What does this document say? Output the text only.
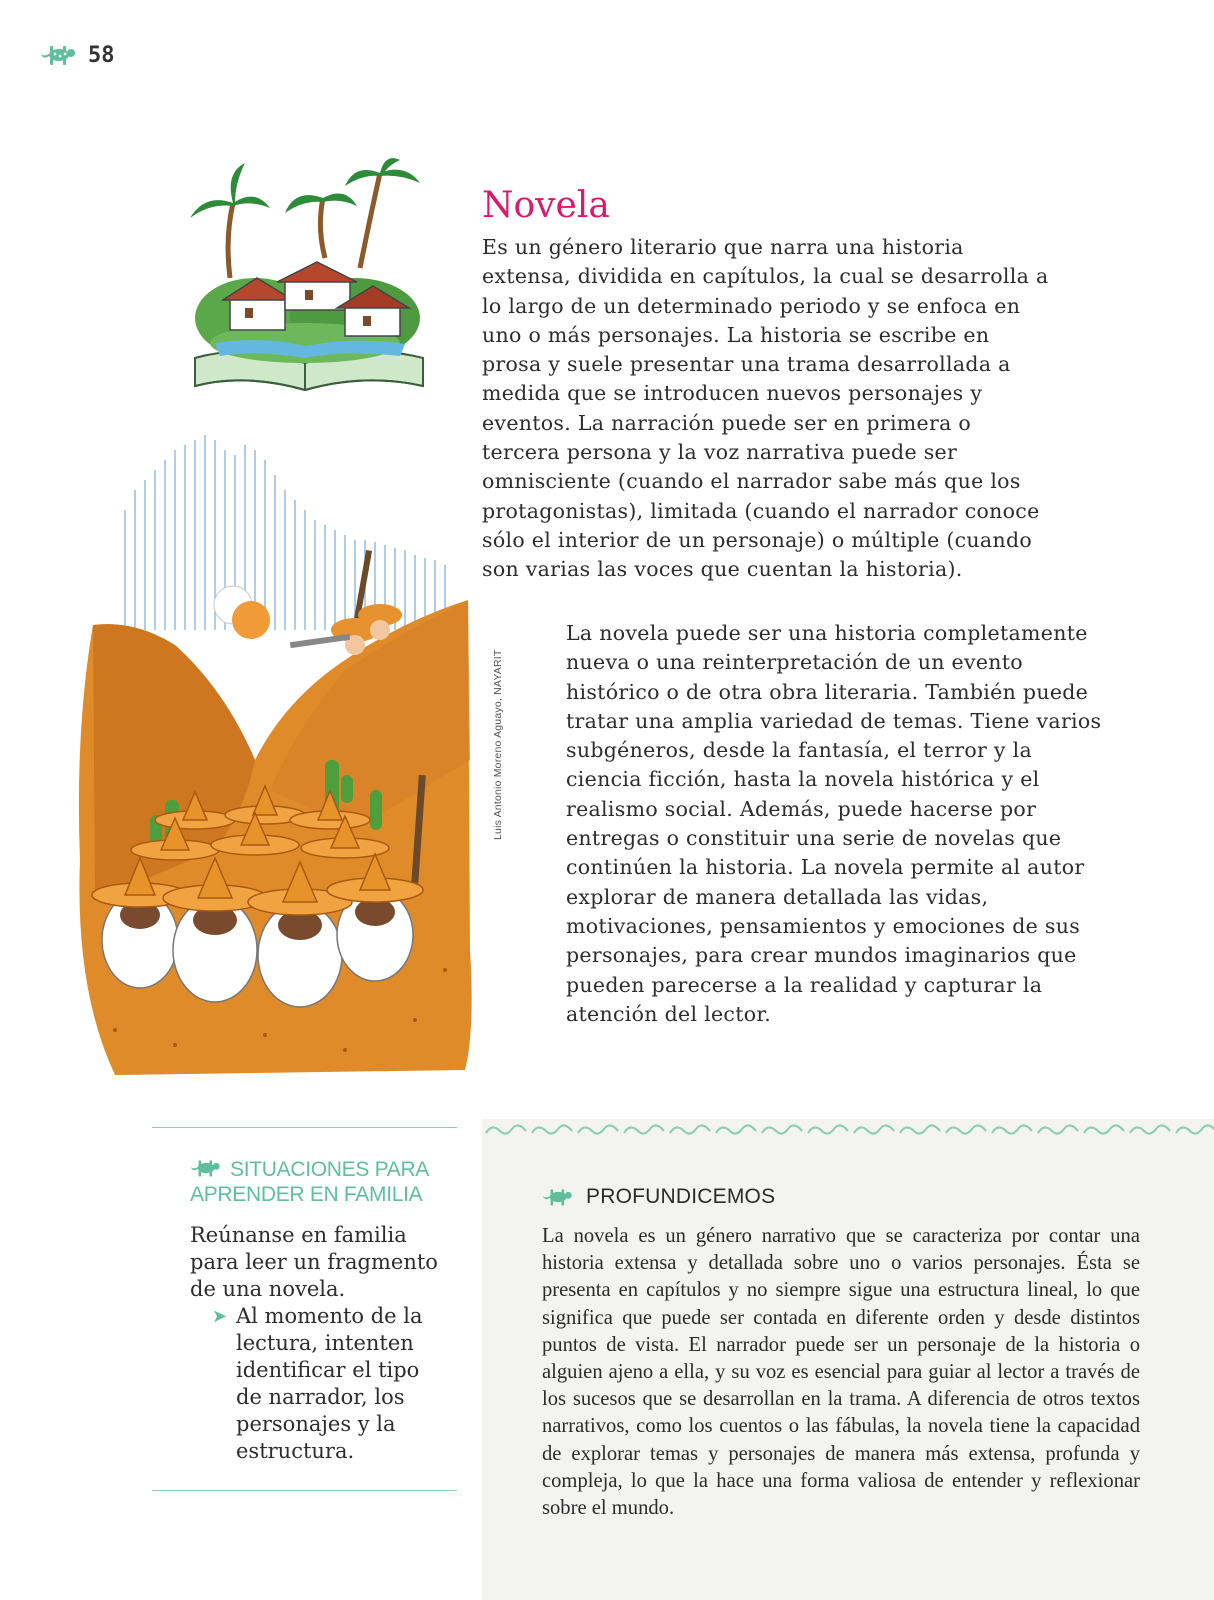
58
Luis Antonio Moreno Aguayo, NAYARIT
Novela

Es un género literario que narra una historia extensa, dividida en capítulos, la cual se desarrolla a lo largo de un determinado periodo y se enfoca en uno o más personajes. La historia se escribe en prosa y suele presentar una trama desarrollada a medida que se introducen nuevos personajes y eventos. La narración puede ser en primera o tercera persona y la voz narrativa puede ser omnisciente (cuando el narrador sabe más que los protagonistas), limitada (cuando el narrador conoce sólo el interior de un personaje) o múltiple (cuando son varias las voces que cuentan la historia).

La novela puede ser una historia completamente nueva o una reinterpretación de un evento histórico o de otra obra literaria. También puede tratar una amplia variedad de temas. Tiene varios subgéneros, desde la fantasía, el terror y la ciencia ficción, hasta la novela histórica y el realismo social. Además, puede hacerse por entregas o constituir una serie de novelas que continúen la historia. La novela permite al autor explorar de manera detallada las vidas, motivaciones, pensamientos y emociones de sus personajes, para crear mundos imaginarios que pueden parecerse a la realidad y capturar la atención del lector.

SITUACIONES PARA
APRENDER EN FAMILIA

Reúnanse en familia para leer un fragmento de una novela.

➤ Al momento de la lectura, intenten identificar el tipo de narrador, los personajes y la estructura.
PROFUNDICEMOS

La novela es un género narrativo que se caracteriza por contar una historia extensa y detallada sobre uno o varios personajes. Ésta se presenta en capítulos y no siempre sigue una estructura lineal, lo que significa que puede ser contada en diferente orden y desde distintos puntos de vista. El narrador puede ser un personaje de la historia o alguien ajeno a ella, y su voz es esencial para guiar al lector a través de los sucesos que se desarrollan en la trama. A diferencia de otros textos narrativos, como los cuentos o las fábulas, la novela tiene la capacidad de explorar temas y personajes de manera más extensa, profunda y compleja, lo que la hace una forma valiosa de entender y reflexionar sobre el mundo.
